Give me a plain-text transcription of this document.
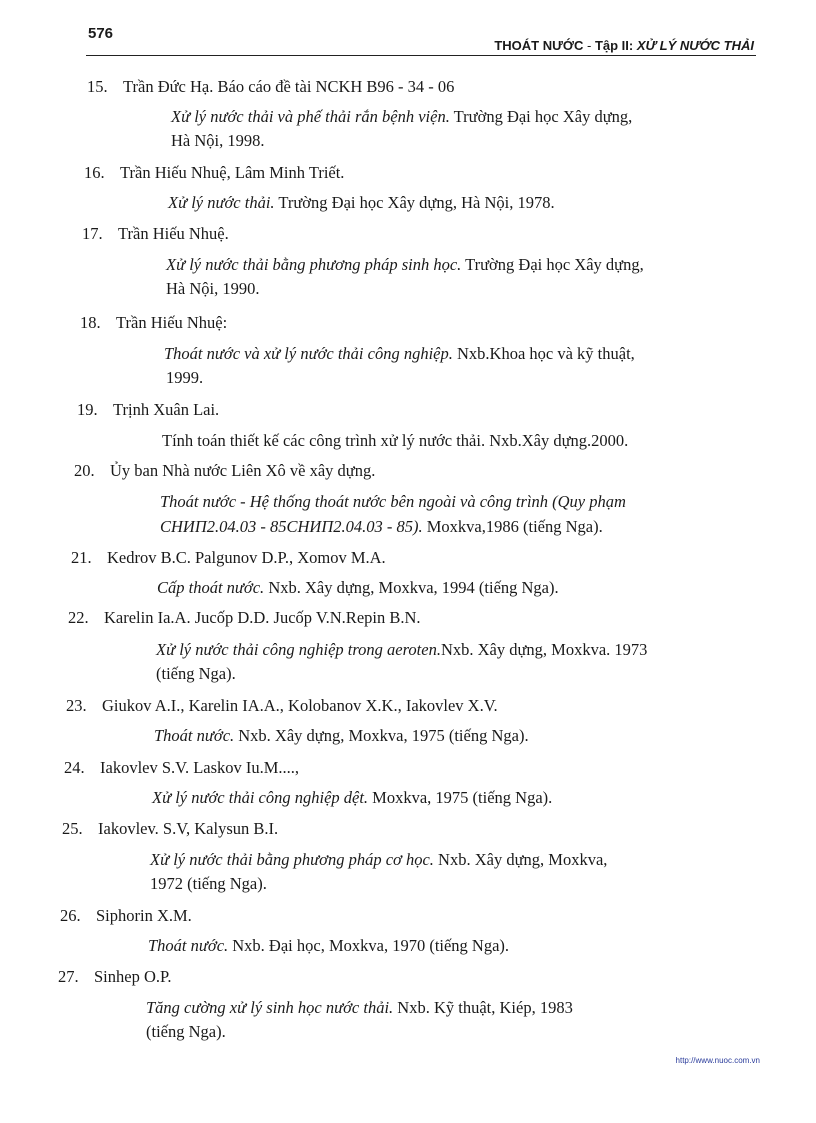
576
THOÁT NƯỚC - Tập II: XỬ LÝ NƯỚC THẢI
15. Trần Đức Hạ. Báo cáo đề tài NCKH B96 - 34 - 06
Xử lý nước thải và phế thải rắn bệnh viện. Trường Đại học Xây dựng,
Hà Nội, 1998.
16. Trần Hiếu Nhuệ, Lâm Minh Triết.
Xử lý nước thải. Trường Đại học Xây dựng, Hà Nội, 1978.
17. Trần Hiếu Nhuệ.
Xử lý nước thải bằng phương pháp sinh học. Trường Đại học Xây dựng,
Hà Nội, 1990.
18. Trần Hiếu Nhuệ:
Thoát nước và xử lý nước thải công nghiệp. Nxb.Khoa học và kỹ thuật,
1999.
19. Trịnh Xuân Lai.
Tính toán thiết kế các công trình xử lý nước thải. Nxb.Xây dựng.2000.
20. Ủy ban Nhà nước Liên Xô về xây dựng.
Thoát nước - Hệ thống thoát nước bên ngoài và công trình (Quy phạm
СНИП2.04.03 - 85СНИП2.04.03 - 85). Moxkva,1986 (tiếng Nga).
21. Kedrov B.C. Palgunov D.P., Xomov M.A.
Cấp thoát nước. Nxb. Xây dựng, Moxkva, 1994 (tiếng Nga).
22. Karelin Ia.A. Jucốp D.D. Jucốp V.N.Repin B.N.
Xử lý nước thải công nghiệp trong aeroten.Nxb. Xây dựng, Moxkva. 1973
(tiếng Nga).
23. Giukov A.I., Karelin IA.A., Kolobanov X.K., Iakovlev X.V.
Thoát nước. Nxb. Xây dựng, Moxkva, 1975 (tiếng Nga).
24. Iakovlev S.V. Laskov Iu.M....,
Xử lý nước thải công nghiệp dệt. Moxkva, 1975 (tiếng Nga).
25. Iakovlev. S.V, Kalysun B.I.
Xử lý nước thải bằng phương pháp cơ học. Nxb. Xây dựng, Moxkva,
1972 (tiếng Nga).
26. Siphorin X.M.
Thoát nước. Nxb. Đại học, Moxkva, 1970 (tiếng Nga).
27. Sinhep O.P.
Tăng cường xử lý sinh học nước thải. Nxb. Kỹ thuật, Kiép, 1983
(tiếng Nga).
http://www.nuoc.com.vn
